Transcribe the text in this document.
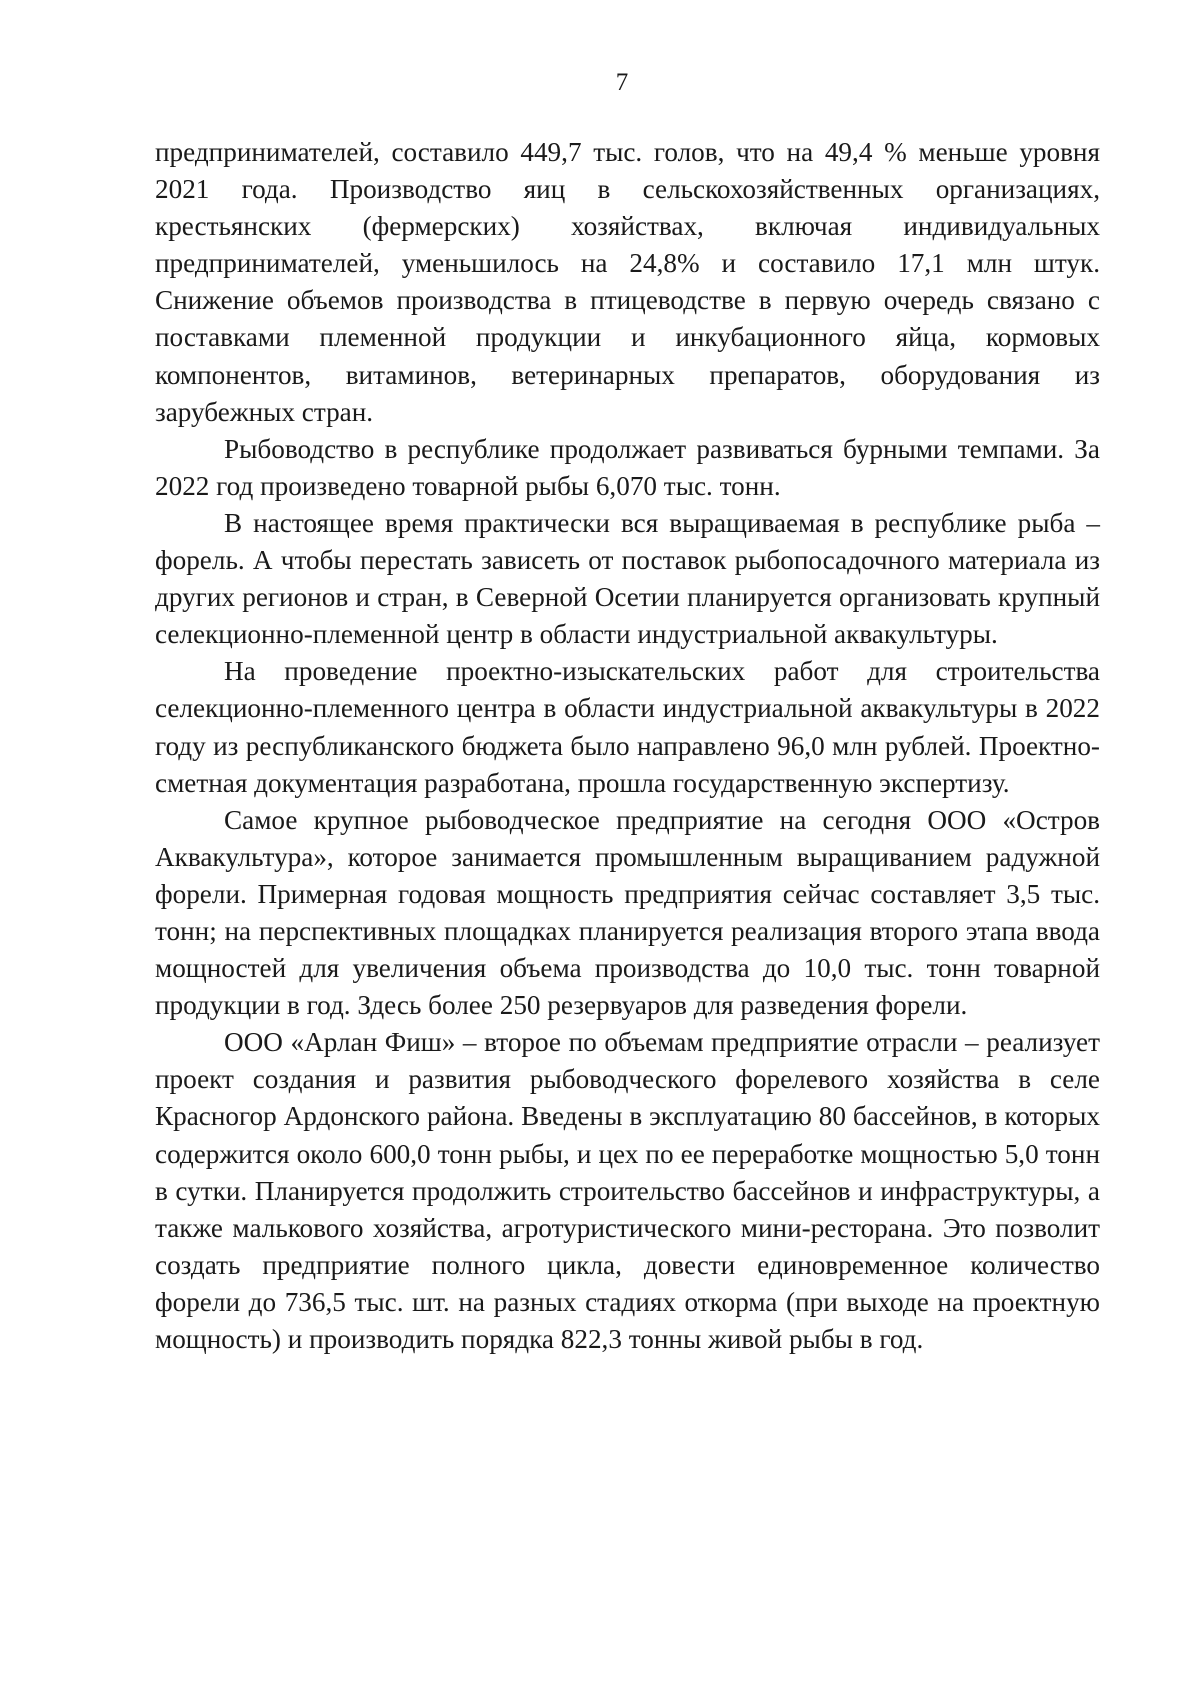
7

предпринимателей, составило 449,7 тыс. голов, что на 49,4 % меньше уровня 2021 года. Производство яиц в сельскохозяйственных организациях, крестьянских (фермерских) хозяйствах, включая индивидуальных предпринимателей, уменьшилось на 24,8% и составило 17,1 млн штук. Снижение объемов производства в птицеводстве в первую очередь связано с поставками племенной продукции и инкубационного яйца, кормовых компонентов, витаминов, ветеринарных препаратов, оборудования из зарубежных стран.

Рыбоводство в республике продолжает развиваться бурными темпами. За 2022 год произведено товарной рыбы 6,070 тыс. тонн.

В настоящее время практически вся выращиваемая в республике рыба – форель. А чтобы перестать зависеть от поставок рыбопосадочного материала из других регионов и стран, в Северной Осетии планируется организовать крупный селекционно-племенной центр в области индустриальной аквакультуры.

На проведение проектно-изыскательских работ для строительства селекционно-племенного центра в области индустриальной аквакультуры в 2022 году из республиканского бюджета было направлено 96,0 млн рублей. Проектно-сметная документация разработана, прошла государственную экспертизу.

Самое крупное рыбоводческое предприятие на сегодня ООО «Остров Аквакультура», которое занимается промышленным выращиванием радужной форели. Примерная годовая мощность предприятия сейчас составляет 3,5 тыс. тонн; на перспективных площадках планируется реализация второго этапа ввода мощностей для увеличения объема производства до 10,0 тыс. тонн товарной продукции в год. Здесь более 250 резервуаров для разведения форели.

ООО «Арлан Фиш» – второе по объемам предприятие отрасли – реализует проект создания и развития рыбоводческого форелевого хозяйства в селе Красногор Ардонского района. Введены в эксплуатацию 80 бассейнов, в которых содержится около 600,0 тонн рыбы, и цех по ее переработке мощностью 5,0 тонн в сутки. Планируется продолжить строительство бассейнов и инфраструктуры, а также малькового хозяйства, агротуристического мини-ресторана. Это позволит создать предприятие полного цикла, довести единовременное количество форели до 736,5 тыс. шт. на разных стадиях откорма (при выходе на проектную мощность) и производить порядка 822,3 тонны живой рыбы в год.
